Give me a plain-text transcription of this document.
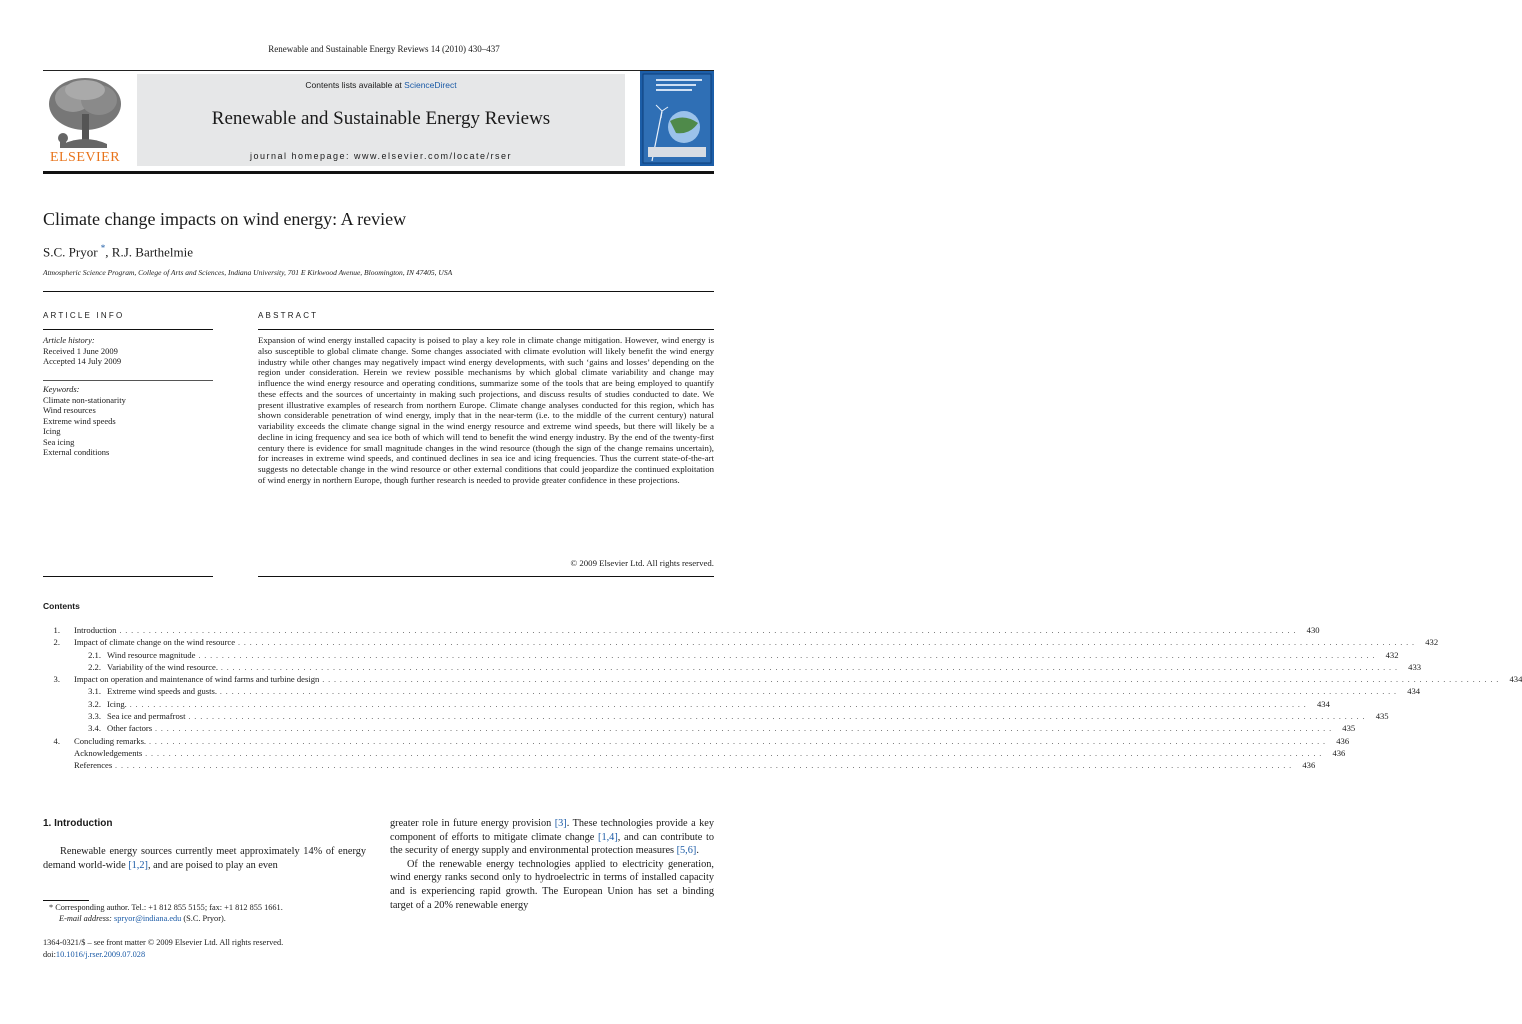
Renewable and Sustainable Energy Reviews 14 (2010) 430–437
ELSEVIER
Contents lists available at ScienceDirect
Renewable and Sustainable Energy Reviews
journal homepage: www.elsevier.com/locate/rser
Climate change impacts on wind energy: A review
S.C. Pryor *, R.J. Barthelmie
Atmospheric Science Program, College of Arts and Sciences, Indiana University, 701 E Kirkwood Avenue, Bloomington, IN 47405, USA
ARTICLE INFO	ABSTRACT
Article history:
Received 1 June 2009
Accepted 14 July 2009
Keywords:
Climate non-stationarity
Wind resources
Extreme wind speeds
Icing
Sea icing
External conditions
Expansion of wind energy installed capacity is poised to play a key role in climate change mitigation. However, wind energy is also susceptible to global climate change. Some changes associated with climate evolution will likely benefit the wind energy industry while other changes may negatively impact wind energy developments, with such ‘gains and losses’ depending on the region under consideration. Herein we review possible mechanisms by which global climate variability and change may influence the wind energy resource and operating conditions, summarize some of the tools that are being employed to quantify these effects and the sources of uncertainty in making such projections, and discuss results of studies conducted to date. We present illustrative examples of research from northern Europe. Climate change analyses conducted for this region, which has shown considerable penetration of wind energy, imply that in the near-term (i.e. to the middle of the current century) natural variability exceeds the climate change signal in the wind energy resource and extreme wind speeds, but there will likely be a decline in icing frequency and sea ice both of which will tend to benefit the wind energy industry. By the end of the twenty-first century there is evidence for small magnitude changes in the wind resource (though the sign of the change remains uncertain), for increases in extreme wind speeds, and continued declines in sea ice and icing frequencies. Thus the current state-of-the-art suggests no detectable change in the wind resource or other external conditions that could jeopardize the continued exploitation of wind energy in northern Europe, though further research is needed to provide greater confidence in these projections.
© 2009 Elsevier Ltd. All rights reserved.
Contents
1.	Introduction . . . . . . . . . . . . . . . . . . . . . . . . . . . . . . . . . . . . . . . . . . . . . . . . . . . . . . . . . . . . . . . . . . . . . . . . . . . . . . . . . . . . . . . . . . . . . . . . . . . . . . . . . . . . . . . . . . . . . . . . . . . . . . . . . . . . . . . . . . . . . . . . . . . . . . . . . . . . . . . . . . . . . . . . . . . . . . . . . . . . . . . . . . . . . . . . . . . . . . . .	430
2.	Impact of climate change on the wind resource . . . . . . . . . . . . . . . . . . . . . . . . . . . . . . . . . . . . . . . . . . . . . . . . . . . . . . . . . . . . . . . . . . . . . . . . . . . . . . . . . . . . . . . . . . . . . . . . . . . . . . . . . . . . . . . . . . . . . . . . . . . . . . . . . . . . . . . . . . . . . . . . . . . . . . . . . . . . . . . . . . . . . . . . . . . . . . . . . . . . . . . . . . . . . . . . . . . . . . . .	432
2.1. Wind resource magnitude . . . . . . . . . . . . . . . . . . . . . . . . . . . . . . . . . . . . . . . . . . . . . . . . . . . . . . . . . . . . . . . . . . . . . . . . . . . . . . . . . . . . . . . . . . . . . . . . . . . . . . . . . . . . . . . . . . . . . . . . . . . . . . . . . . . . . . . . . . . . . . . . . . . . . . . . . . . . . . . . . . . . . . . . . . . . . . . . . . . . . . . . . . . . . . . . . . . . . . . .	432
2.2. Variability of the wind resource. . . . . . . . . . . . . . . . . . . . . . . . . . . . . . . . . . . . . . . . . . . . . . . . . . . . . . . . . . . . . . . . . . . . . . . . . . . . . . . . . . . . . . . . . . . . . . . . . . . . . . . . . . . . . . . . . . . . . . . . . . . . . . . . . . . . . . . . . . . . . . . . . . . . . . . . . . . . . . . . . . . . . . . . . . . . . . . . . . . . . . . . . . . . . . . . . . . . . . . . .	433
3.	Impact on operation and maintenance of wind farms and turbine design . . . . . . . . . . . . . . . . . . . . . . . . . . . . . . . . . . . . . . . . . . . . . . . . . . . . . . . . . . . . . . . . . . . . . . . . . . . . . . . . . . . . . . . . . . . . . . . . . . . . . . . . . . . . . . . . . . . . . . . . . . . . . . . . . . . . . . . . . . . . . . . . . . . . . . . . . . . . . . . . . . . . . . . . . . . . . . . . . . . . . . . . . . . . . . . . . . . . . . . .	434
3.1. Extreme wind speeds and gusts. . . . . . . . . . . . . . . . . . . . . . . . . . . . . . . . . . . . . . . . . . . . . . . . . . . . . . . . . . . . . . . . . . . . . . . . . . . . . . . . . . . . . . . . . . . . . . . . . . . . . . . . . . . . . . . . . . . . . . . . . . . . . . . . . . . . . . . . . . . . . . . . . . . . . . . . . . . . . . . . . . . . . . . . . . . . . . . . . . . . . . . . . . . . . . . . . . . . . . . . .	434
3.2. Icing. . . . . . . . . . . . . . . . . . . . . . . . . . . . . . . . . . . . . . . . . . . . . . . . . . . . . . . . . . . . . . . . . . . . . . . . . . . . . . . . . . . . . . . . . . . . . . . . . . . . . . . . . . . . . . . . . . . . . . . . . . . . . . . . . . . . . . . . . . . . . . . . . . . . . . . . . . . . . . . . . . . . . . . . . . . . . . . . . . . . . . . . . . . . . . . . . . . . . . . . .	434
3.3. Sea ice and permafrost . . . . . . . . . . . . . . . . . . . . . . . . . . . . . . . . . . . . . . . . . . . . . . . . . . . . . . . . . . . . . . . . . . . . . . . . . . . . . . . . . . . . . . . . . . . . . . . . . . . . . . . . . . . . . . . . . . . . . . . . . . . . . . . . . . . . . . . . . . . . . . . . . . . . . . . . . . . . . . . . . . . . . . . . . . . . . . . . . . . . . . . . . . . . . . . . . . . . . . . .	435
3.4. Other factors . . . . . . . . . . . . . . . . . . . . . . . . . . . . . . . . . . . . . . . . . . . . . . . . . . . . . . . . . . . . . . . . . . . . . . . . . . . . . . . . . . . . . . . . . . . . . . . . . . . . . . . . . . . . . . . . . . . . . . . . . . . . . . . . . . . . . . . . . . . . . . . . . . . . . . . . . . . . . . . . . . . . . . . . . . . . . . . . . . . . . . . . . . . . . . . . . . . . . . . .	435
4.	Concluding remarks. . . . . . . . . . . . . . . . . . . . . . . . . . . . . . . . . . . . . . . . . . . . . . . . . . . . . . . . . . . . . . . . . . . . . . . . . . . . . . . . . . . . . . . . . . . . . . . . . . . . . . . . . . . . . . . . . . . . . . . . . . . . . . . . . . . . . . . . . . . . . . . . . . . . . . . . . . . . . . . . . . . . . . . . . . . . . . . . . . . . . . . . . . . . . . . . . . . . . . . . .	436
Acknowledgements . . . . . . . . . . . . . . . . . . . . . . . . . . . . . . . . . . . . . . . . . . . . . . . . . . . . . . . . . . . . . . . . . . . . . . . . . . . . . . . . . . . . . . . . . . . . . . . . . . . . . . . . . . . . . . . . . . . . . . . . . . . . . . . . . . . . . . . . . . . . . . . . . . . . . . . . . . . . . . . . . . . . . . . . . . . . . . . . . . . . . . . . . . . . . . . . . . . . . . . .	436
References . . . . . . . . . . . . . . . . . . . . . . . . . . . . . . . . . . . . . . . . . . . . . . . . . . . . . . . . . . . . . . . . . . . . . . . . . . . . . . . . . . . . . . . . . . . . . . . . . . . . . . . . . . . . . . . . . . . . . . . . . . . . . . . . . . . . . . . . . . . . . . . . . . . . . . . . . . . . . . . . . . . . . . . . . . . . . . . . . . . . . . . . . . . . . . . . . . . . . . . .	436
1. Introduction
Renewable energy sources currently meet approximately 14% of energy demand world-wide [1,2], and are poised to play an even

greater role in future energy provision [3]. These technologies provide a key component of efforts to mitigate climate change [1,4], and can contribute to the security of energy supply and environmental protection measures [5,6].

Of the renewable energy technologies applied to electricity generation, wind energy ranks second only to hydroelectric in terms of installed capacity and is experiencing rapid growth. The European Union has set a binding target of a 20% renewable energy

* Corresponding author. Tel.: +1 812 855 5155; fax: +1 812 855 1661.
E-mail address: spryor@indiana.edu (S.C. Pryor).
1364-0321/$ – see front matter © 2009 Elsevier Ltd. All rights reserved.
doi:10.1016/j.rser.2009.07.028
